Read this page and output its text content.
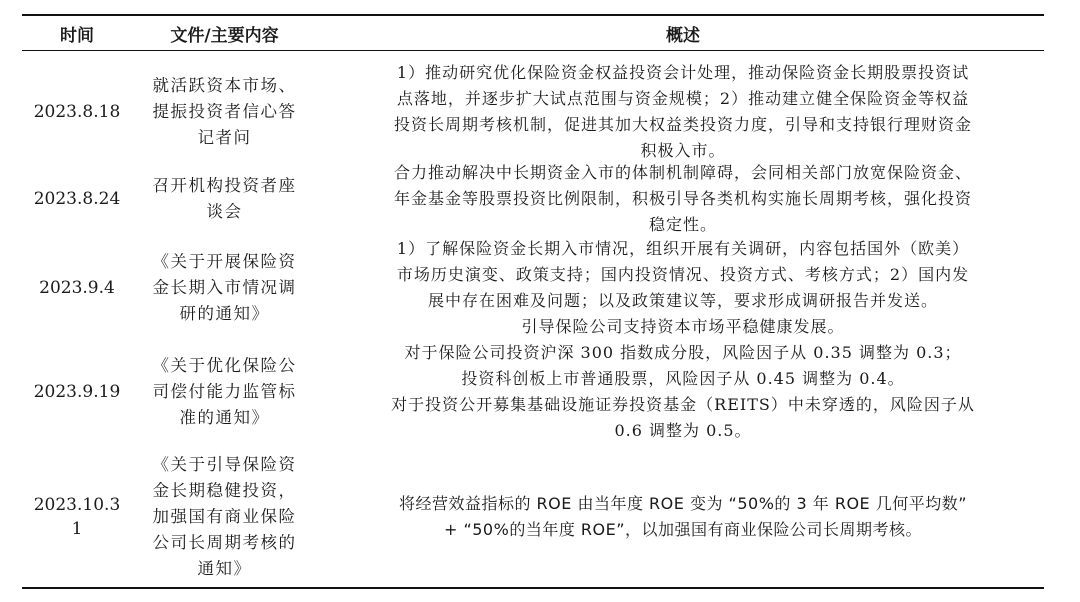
时间	文件/主要内容	概述
2023.8.18
就活跃资本市场、
提振投资者信心答
记者问
1）推动研究优化保险资金权益投资会计处理，推动保险资金长期股票投资试
点落地，并逐步扩大试点范围与资金规模；2）推动建立健全保险资金等权益
投资长周期考核机制，促进其加大权益类投资力度，引导和支持银行理财资金
积极入市。
2023.8.24
召开机构投资者座
谈会
合力推动解决中长期资金入市的体制机制障碍，会同相关部门放宽保险资金、
年金基金等股票投资比例限制，积极引导各类机构实施长周期考核，强化投资
稳定性。
2023.9.4
《关于开展保险资
金长期入市情况调
研的通知》
1）了解保险资金长期入市情况，组织开展有关调研，内容包括国外（欧美）
市场历史演变、政策支持；国内投资情况、投资方式、考核方式；2）国内发
展中存在困难及问题；以及政策建议等，要求形成调研报告并发送。
引导保险公司支持资本市场平稳健康发展。
2023.9.19
《关于优化保险公
司偿付能力监管标
准的通知》
对于保险公司投资沪深 300 指数成分股，风险因子从 0.35 调整为 0.3；
投资科创板上市普通股票，风险因子从 0.45 调整为 0.4。
对于投资公开募集基础设施证券投资基金（REITS）中未穿透的，风险因子从
0.6 调整为 0.5。
2023.10.3
1
《关于引导保险资
金长期稳健投资，
加强国有商业保险
公司长周期考核的
通知》
将经营效益指标的 ROE 由当年度 ROE 变为 “50%的 3 年 ROE 几何平均数”
+ “50%的当年度 ROE”，以加强国有商业保险公司长周期考核。
